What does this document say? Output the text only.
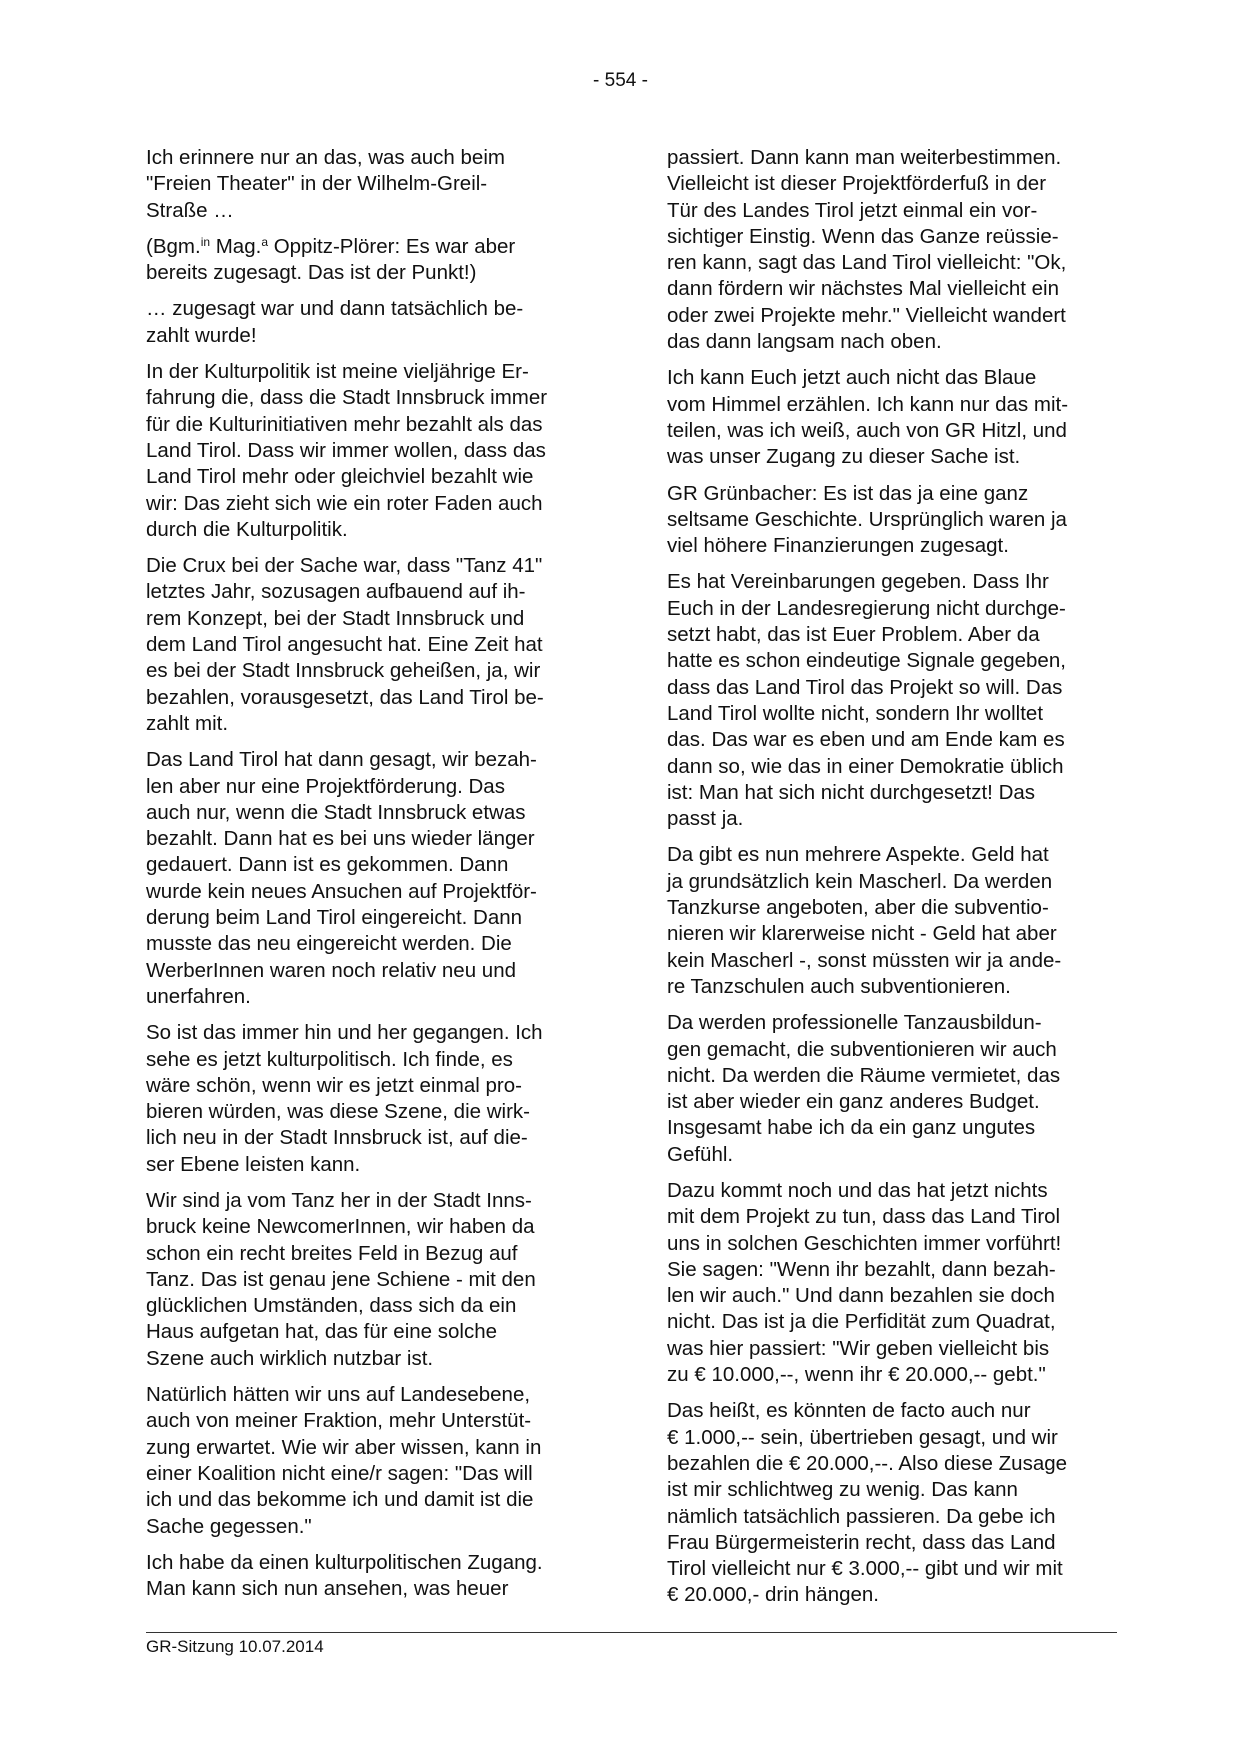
- 554 -

Ich erinnere nur an das, was auch beim
"Freien Theater" in der Wilhelm-Greil-
Straße …

(Bgm.$^{in}$ Mag.$^a$ Oppitz-Plörer: Es war aber
bereits zugesagt. Das ist der Punkt!)

… zugesagt war und dann tatsächlich be-
zahlt wurde!

In der Kulturpolitik ist meine vieljährige Er-
fahrung die, dass die Stadt Innsbruck immer
für die Kulturinitiativen mehr bezahlt als das
Land Tirol. Dass wir immer wollen, dass das
Land Tirol mehr oder gleichviel bezahlt wie
wir: Das zieht sich wie ein roter Faden auch
durch die Kulturpolitik.

Die Crux bei der Sache war, dass "Tanz 41"
letztes Jahr, sozusagen aufbauend auf ih-
rem Konzept, bei der Stadt Innsbruck und
dem Land Tirol angesucht hat. Eine Zeit hat
es bei der Stadt Innsbruck geheißen, ja, wir
bezahlen, vorausgesetzt, das Land Tirol be-
zahlt mit.

Das Land Tirol hat dann gesagt, wir bezah-
len aber nur eine Projektförderung. Das
auch nur, wenn die Stadt Innsbruck etwas
bezahlt. Dann hat es bei uns wieder länger
gedauert. Dann ist es gekommen. Dann
wurde kein neues Ansuchen auf Projektför-
derung beim Land Tirol eingereicht. Dann
musste das neu eingereicht werden. Die
WerberInnen waren noch relativ neu und
unerfahren.

So ist das immer hin und her gegangen. Ich
sehe es jetzt kulturpolitisch. Ich finde, es
wäre schön, wenn wir es jetzt einmal pro-
bieren würden, was diese Szene, die wirk-
lich neu in der Stadt Innsbruck ist, auf die-
ser Ebene leisten kann.

Wir sind ja vom Tanz her in der Stadt Inns-
bruck keine NewcomerInnen, wir haben da
schon ein recht breites Feld in Bezug auf
Tanz. Das ist genau jene Schiene - mit den
glücklichen Umständen, dass sich da ein
Haus aufgetan hat, das für eine solche
Szene auch wirklich nutzbar ist.

Natürlich hätten wir uns auf Landesebene,
auch von meiner Fraktion, mehr Unterstüt-
zung erwartet. Wie wir aber wissen, kann in
einer Koalition nicht eine/r sagen: "Das will
ich und das bekomme ich und damit ist die
Sache gegessen."

Ich habe da einen kulturpolitischen Zugang.
Man kann sich nun ansehen, was heuer

passiert. Dann kann man weiterbestimmen.
Vielleicht ist dieser Projektförderfuß in der
Tür des Landes Tirol jetzt einmal ein vor-
sichtiger Einstig. Wenn das Ganze reüssie-
ren kann, sagt das Land Tirol vielleicht: "Ok,
dann fördern wir nächstes Mal vielleicht ein
oder zwei Projekte mehr." Vielleicht wandert
das dann langsam nach oben.

Ich kann Euch jetzt auch nicht das Blaue
vom Himmel erzählen. Ich kann nur das mit-
teilen, was ich weiß, auch von GR Hitzl, und
was unser Zugang zu dieser Sache ist.

GR Grünbacher: Es ist das ja eine ganz
seltsame Geschichte. Ursprünglich waren ja
viel höhere Finanzierungen zugesagt.

Es hat Vereinbarungen gegeben. Dass Ihr
Euch in der Landesregierung nicht durchge-
setzt habt, das ist Euer Problem. Aber da
hatte es schon eindeutige Signale gegeben,
dass das Land Tirol das Projekt so will. Das
Land Tirol wollte nicht, sondern Ihr wolltet
das. Das war es eben und am Ende kam es
dann so, wie das in einer Demokratie üblich
ist: Man hat sich nicht durchgesetzt! Das
passt ja.

Da gibt es nun mehrere Aspekte. Geld hat
ja grundsätzlich kein Mascherl. Da werden
Tanzkurse angeboten, aber die subventio-
nieren wir klarerweise nicht - Geld hat aber
kein Mascherl -, sonst müssten wir ja ande-
re Tanzschulen auch subventionieren.

Da werden professionelle Tanzausbildun-
gen gemacht, die subventionieren wir auch
nicht. Da werden die Räume vermietet, das
ist aber wieder ein ganz anderes Budget.
Insgesamt habe ich da ein ganz ungutes
Gefühl.

Dazu kommt noch und das hat jetzt nichts
mit dem Projekt zu tun, dass das Land Tirol
uns in solchen Geschichten immer vorführt!
Sie sagen: "Wenn ihr bezahlt, dann bezah-
len wir auch." Und dann bezahlen sie doch
nicht. Das ist ja die Perfidität zum Quadrat,
was hier passiert: "Wir geben vielleicht bis
zu € 10.000,--, wenn ihr € 20.000,-- gebt."

Das heißt, es könnten de facto auch nur
€ 1.000,-- sein, übertrieben gesagt, und wir
bezahlen die € 20.000,--. Also diese Zusage
ist mir schlichtweg zu wenig. Das kann
nämlich tatsächlich passieren. Da gebe ich
Frau Bürgermeisterin recht, dass das Land
Tirol vielleicht nur € 3.000,-- gibt und wir mit
€ 20.000,- drin hängen.

GR-Sitzung 10.07.2014
